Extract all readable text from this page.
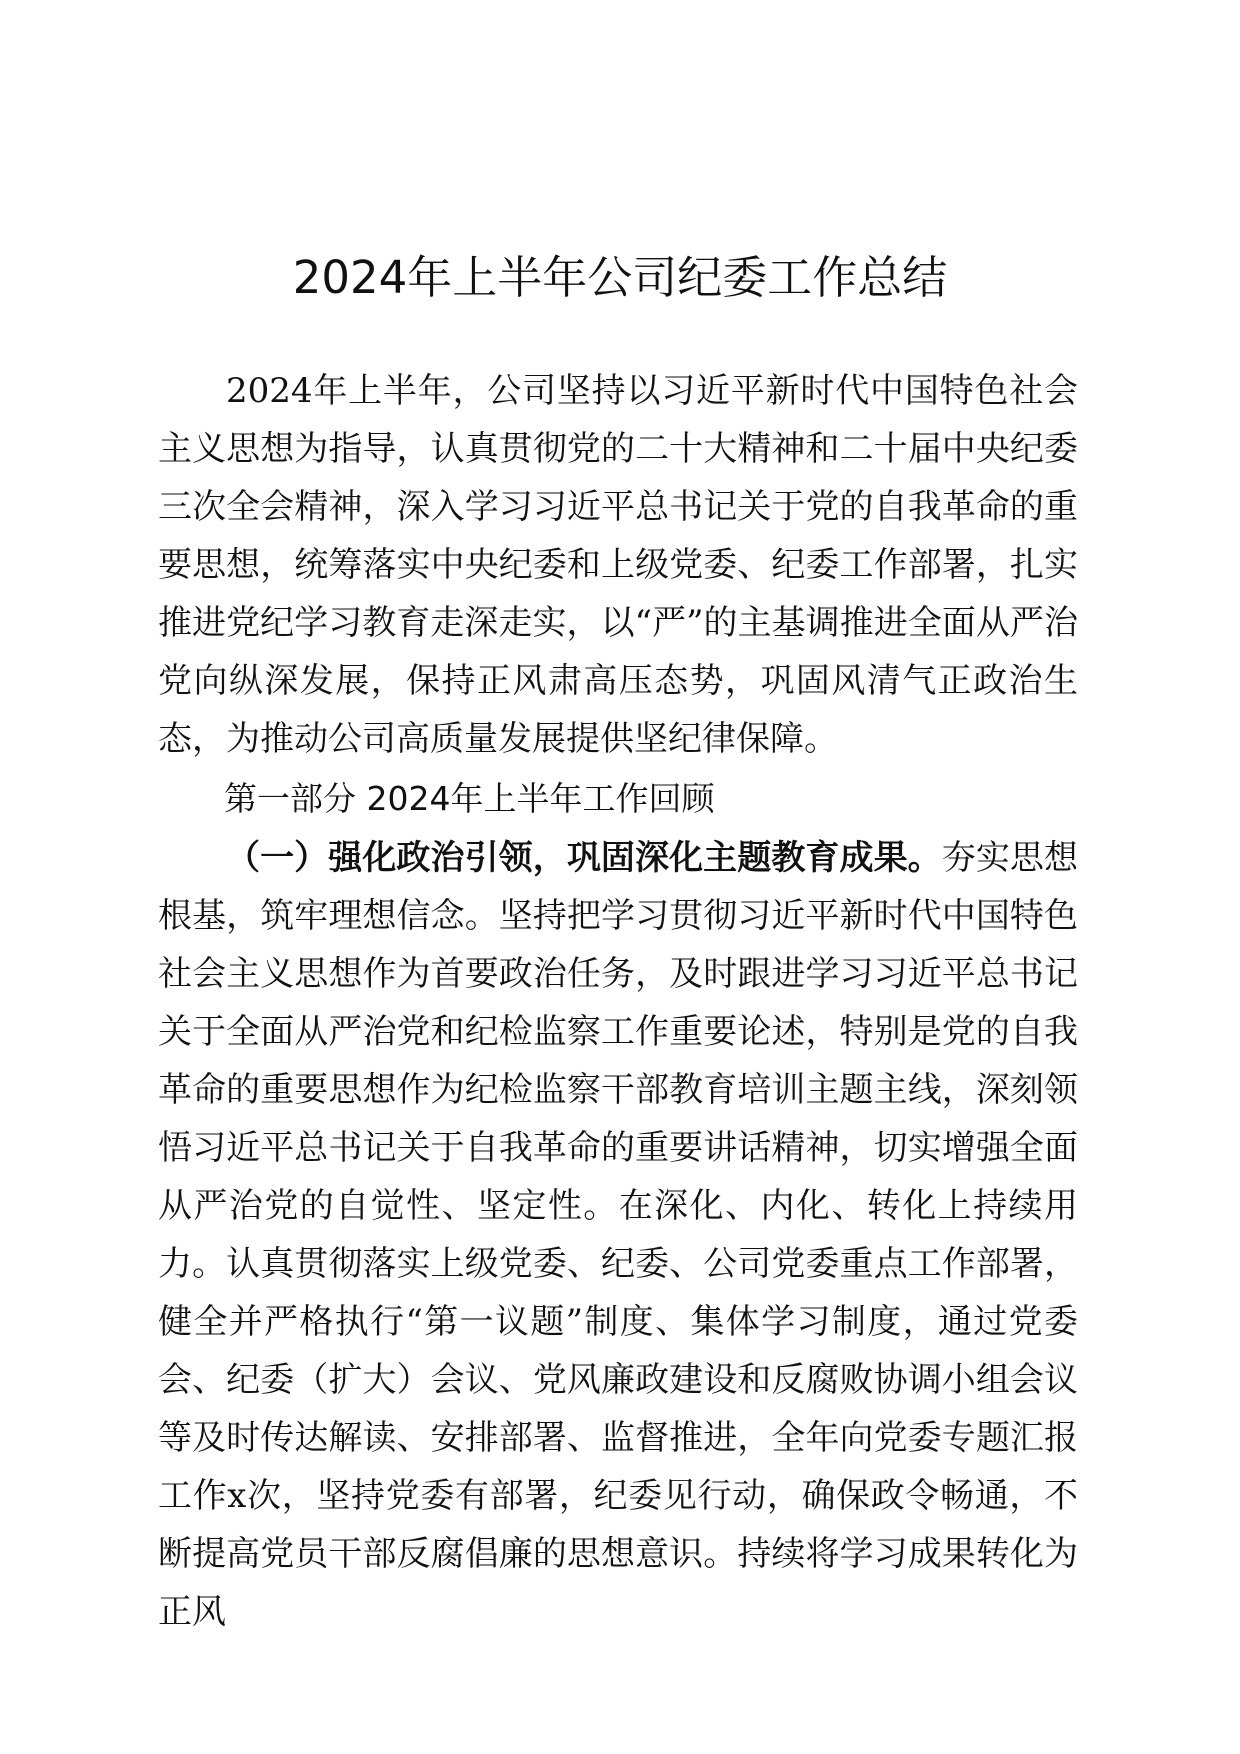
2024年上半年公司纪委工作总结

2024年上半年，公司坚持以习近平新时代中国特色社会主义思想为指导，认真贯彻党的二十大精神和二十届中央纪委三次全会精神，深入学习习近平总书记关于党的自我革命的重要思想，统筹落实中央纪委和上级党委、纪委工作部署，扎实推进党纪学习教育走深走实，以“严”的主基调推进全面从严治党向纵深发展，保持正风肃高压态势，巩固风清气正政治生态，为推动公司高质量发展提供坚纪律保障。

第一部分 2024年上半年工作回顾

（一）强化政治引领，巩固深化主题教育成果。夯实思想根基，筑牢理想信念。坚持把学习贯彻习近平新时代中国特色社会主义思想作为首要政治任务，及时跟进学习习近平总书记关于全面从严治党和纪检监察工作重要论述，特别是党的自我革命的重要思想作为纪检监察干部教育培训主题主线，深刻领悟习近平总书记关于自我革命的重要讲话精神，切实增强全面从严治党的自觉性、坚定性。在深化、内化、转化上持续用力。认真贯彻落实上级党委、纪委、公司党委重点工作部署，健全并严格执行“第一议题”制度、集体学习制度，通过党委会、纪委（扩大）会议、党风廉政建设和反腐败协调小组会议等及时传达解读、安排部署、监督推进，全年向党委专题汇报工作x次，坚持党委有部署，纪委见行动，确保政令畅通，不断提高党员干部反腐倡廉的思想意识。持续将学习成果转化为正风
